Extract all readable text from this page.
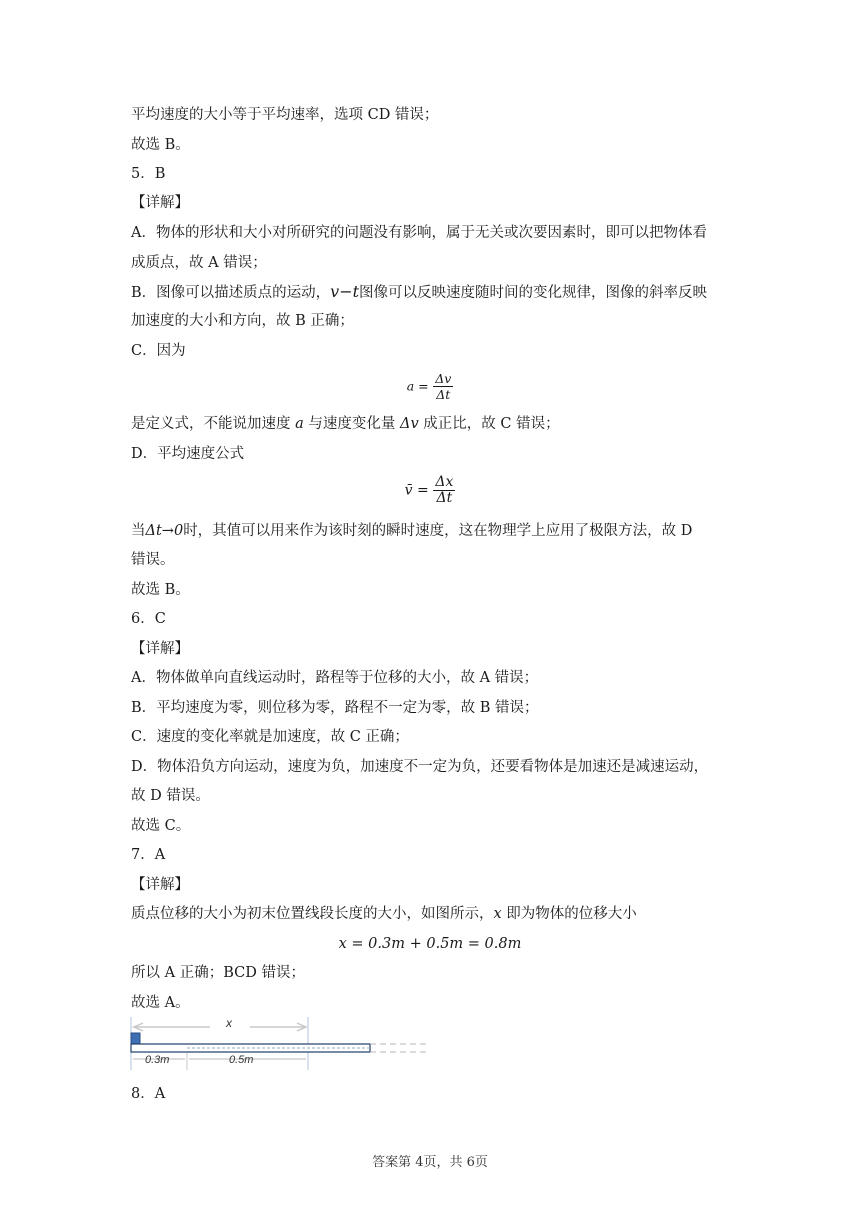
平均速度的大小等于平均速率，选项 CD 错误；
故选 B。
5．B
【详解】
A．物体的形状和大小对所研究的问题没有影响，属于无关或次要因素时，即可以把物体看
成质点，故 A 错误；
B．图像可以描述质点的运动，v−t图像可以反映速度随时间的变化规律，图像的斜率反映
加速度的大小和方向，故 B 正确；
C．因为
$a = \frac{\Delta v}{\Delta t}$
是定义式，不能说加速度 a 与速度变化量 Δv 成正比，故 C 错误；
D．平均速度公式
v̄ = $\frac{\Delta x}{\Delta t}$
当Δt→0时，其值可以用来作为该时刻的瞬时速度，这在物理学上应用了极限方法，故 D
错误。
故选 B。
6．C
【详解】
A．物体做单向直线运动时，路程等于位移的大小，故 A 错误；
B．平均速度为零，则位移为零，路程不一定为零，故 B 错误；
C．速度的变化率就是加速度，故 C 正确；
D．物体沿负方向运动，速度为负，加速度不一定为负，还要看物体是加速还是减速运动，
故 D 错误。
故选 C。
7．A
【详解】
质点位移的大小为初末位置线段长度的大小，如图所示，x 即为物体的位移大小
x = 0.3m + 0.5m = 0.8m
所以 A 正确；BCD 错误；
故选 A。
x
0.3m	0.5m
8．A
答案第 4页，共 6页
